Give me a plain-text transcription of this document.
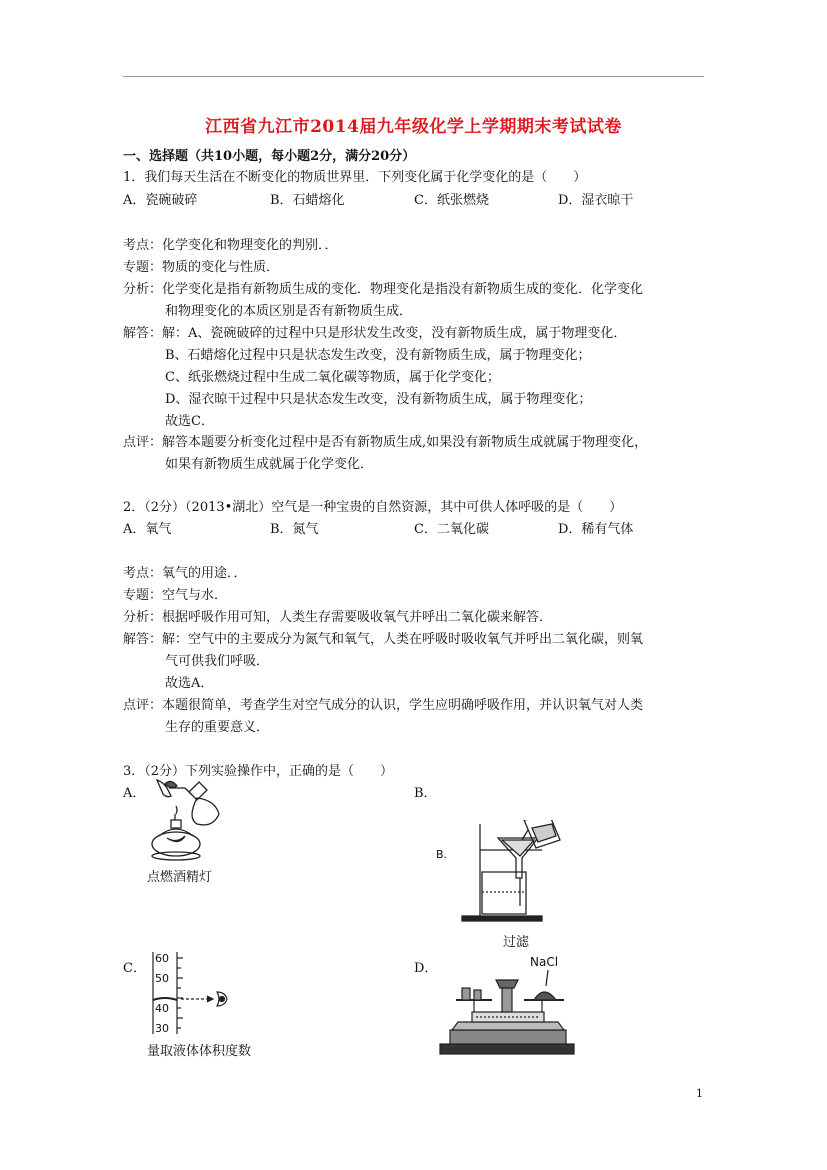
江西省九江市2014届九年级化学上学期期末考试试卷
一、选择题（共10小题，每小题2分，满分20分）
1．我们每天生活在不断变化的物质世界里．下列变化属于化学变化的是（　　）
A．瓷碗破碎	B．石蜡熔化	C．纸张燃烧	D．湿衣晾干
考点：化学变化和物理变化的判别．．
专题：物质的变化与性质．
分析：化学变化是指有新物质生成的变化．物理变化是指没有新物质生成的变化．化学变化
和物理变化的本质区别是否有新物质生成．
解答：解：A、瓷碗破碎的过程中只是形状发生改变，没有新物质生成，属于物理变化．
B、石蜡熔化过程中只是状态发生改变，没有新物质生成，属于物理变化；
C、纸张燃烧过程中生成二氧化碳等物质，属于化学变化；
D、湿衣晾干过程中只是状态发生改变，没有新物质生成，属于物理变化；
故选C．
点评：解答本题要分析变化过程中是否有新物质生成,如果没有新物质生成就属于物理变化，
如果有新物质生成就属于化学变化．
2．（2分）（2013•湖北）空气是一种宝贵的自然资源，其中可供人体呼吸的是（　　）
A．氧气	B．氮气	C．二氧化碳	D．稀有气体
考点：氧气的用途．．
专题：空气与水．
分析：根据呼吸作用可知，人类生存需要吸收氧气并呼出二氧化碳来解答．
解答：解：空气中的主要成分为氮气和氧气，人类在呼吸时吸收氧气并呼出二氧化碳，则氧
气可供我们呼吸．
故选A．
点评：本题很简单，考查学生对空气成分的认识，学生应明确呼吸作用，并认识氧气对人类
生存的重要意义．
3．（2分）下列实验操作中，正确的是（　　）
A．	B．
C．	D．
点燃酒精灯
B.
过滤
60
50
40
30
量取液体体积度数
NaCl
1
